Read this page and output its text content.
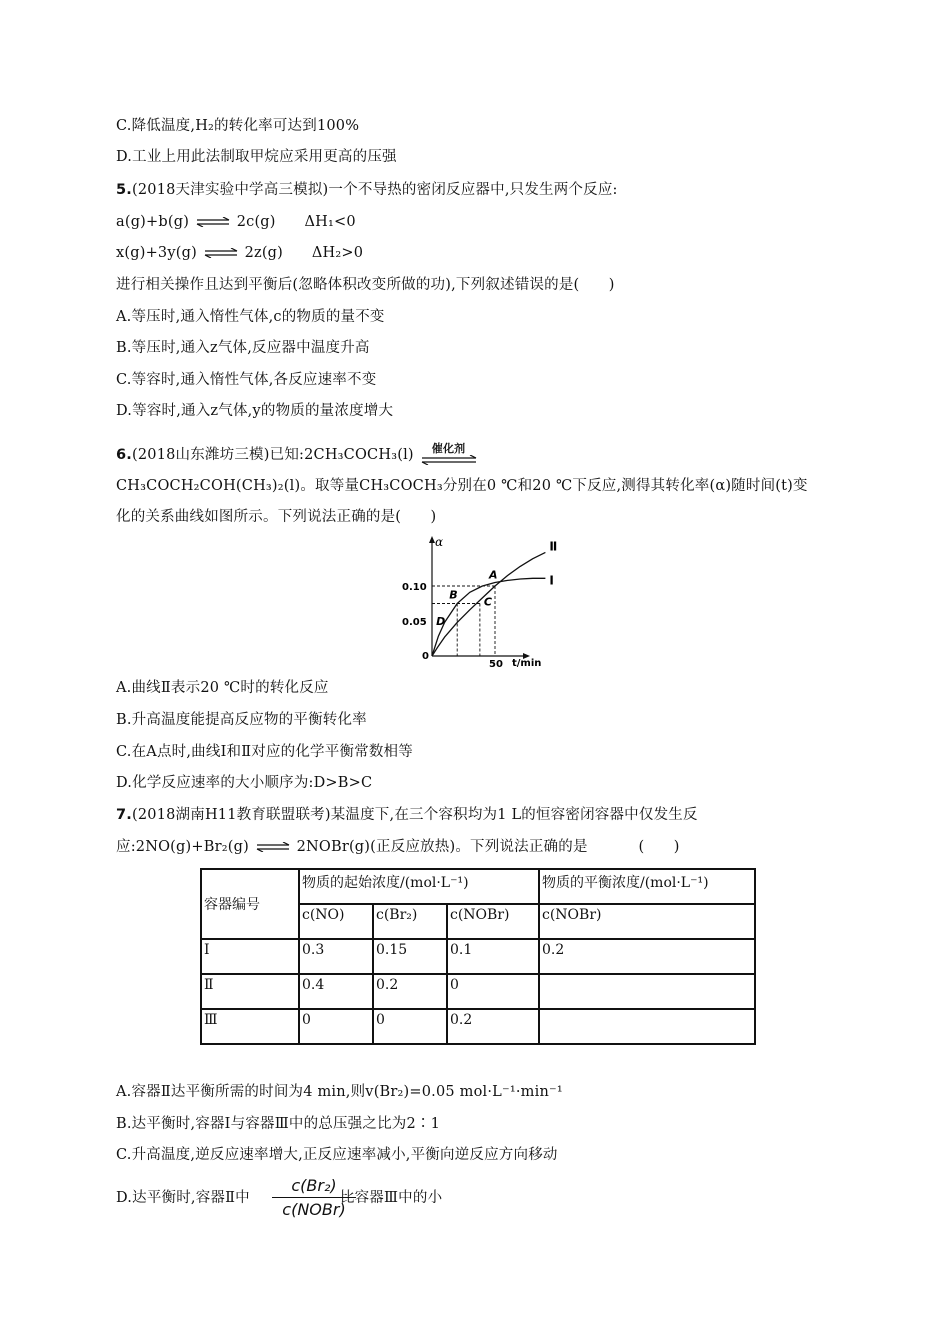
C.降低温度,H₂的转化率可达到100%
D.工业上用此法制取甲烷应采用更高的压强
5.(2018天津实验中学高三模拟)一个不导热的密闭反应器中,只发生两个反应:
a(g)+b(g) ⇌ 2c(g) ΔH₁<0
x(g)+3y(g) ⇌ 2z(g) ΔH₂>0
进行相关操作且达到平衡后(忽略体积改变所做的功),下列叙述错误的是(　　)
A.等压时,通入惰性气体,c的物质的量不变
B.等压时,通入z气体,反应器中温度升高
C.等容时,通入惰性气体,各反应速率不变
D.等容时,通入z气体,y的物质的量浓度增大
6.(2018山东潍坊三模)已知:2CH₃COCH₃(l)	催化剂
CH₃COCH₂COH(CH₃)₂(l)。取等量CH₃COCH₃分别在0 ℃和20 ℃下反应,测得其转化率(α)随时间(t)变
化的关系曲线如图所示。下列说法正确的是(　　)
α
t/min
0
50
0.05
0.10
Ⅰ
Ⅱ
A
B
C
D
A.曲线Ⅱ表示20 ℃时的转化反应
B.升高温度能提高反应物的平衡转化率
C.在A点时,曲线Ⅰ和Ⅱ对应的化学平衡常数相等
D.化学反应速率的大小顺序为:D>B>C
7.(2018湖南H11教育联盟联考)某温度下,在三个容积均为1 L的恒容密闭容器中仅发生反
应:2NO(g)+Br₂(g) ⇌ 2NOBr(g)(正反应放热)。下列说法正确的是	(　　)
容器编号	物质的起始浓度/(mol·L⁻¹)			物质的平衡浓度/(mol·L⁻¹)
	c(NO)	c(Br₂)	c(NOBr)	c(NOBr)
Ⅰ	0.3	0.15	0.1	0.2
Ⅱ	0.4	0.2	0	
Ⅲ	0	0	0.2	
A.容器Ⅱ达平衡所需的时间为4 min,则v(Br₂)=0.05 mol·L⁻¹·min⁻¹
B.达平衡时,容器Ⅰ与容器Ⅲ中的总压强之比为2∶1
C.升高温度,逆反应速率增大,正反应速率减小,平衡向逆反应方向移动
D.达平衡时,容器Ⅱ中	比容器Ⅲ中的小
c(Br₂)
c(NOBr)
